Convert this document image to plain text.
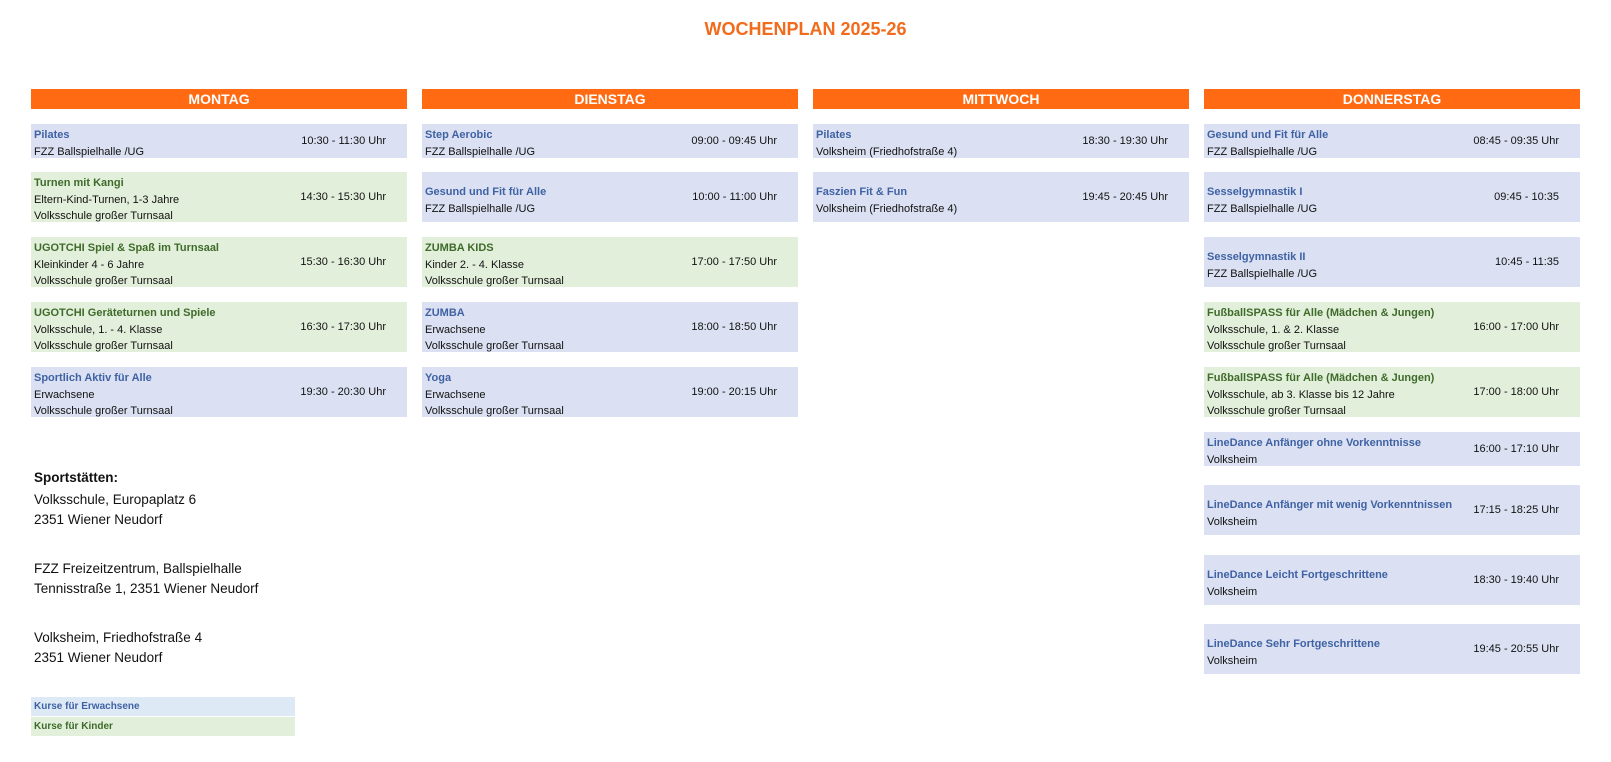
WOCHENPLAN 2025-26
MONTAG
Pilates
FZZ Ballspielhalle /UG
10:30 - 11:30 Uhr
Turnen mit Kangi
Eltern-Kind-Turnen, 1-3 Jahre
Volksschule großer Turnsaal
14:30 - 15:30 Uhr
UGOTCHI Spiel & Spaß im Turnsaal
Kleinkinder 4 - 6 Jahre
Volksschule großer Turnsaal
15:30 - 16:30 Uhr
UGOTCHI Geräteturnen und Spiele
Volksschule, 1. - 4. Klasse
Volksschule großer Turnsaal
16:30 - 17:30 Uhr
Sportlich Aktiv für Alle
Erwachsene
Volksschule großer Turnsaal
19:30 - 20:30 Uhr
DIENSTAG
Step Aerobic
FZZ Ballspielhalle /UG
09:00 - 09:45 Uhr
Gesund und Fit für Alle
FZZ Ballspielhalle /UG
10:00 - 11:00 Uhr
ZUMBA KIDS
Kinder 2. - 4. Klasse
Volksschule großer Turnsaal
17:00 - 17:50 Uhr
ZUMBA
Erwachsene
Volksschule großer Turnsaal
18:00 - 18:50 Uhr
Yoga
Erwachsene
Volksschule großer Turnsaal
19:00 - 20:15 Uhr
MITTWOCH
Pilates
Volksheim (Friedhofstraße 4)
18:30 - 19:30 Uhr
Faszien Fit & Fun
Volksheim (Friedhofstraße 4)
19:45 - 20:45 Uhr
DONNERSTAG
Gesund und Fit für Alle
FZZ Ballspielhalle /UG
08:45 - 09:35 Uhr
Sesselgymnastik I
FZZ Ballspielhalle /UG
09:45 - 10:35
Sesselgymnastik II
FZZ Ballspielhalle /UG
10:45 - 11:35
FußballSPASS für Alle (Mädchen & Jungen)
Volksschule, 1. & 2. Klasse
Volksschule großer Turnsaal
16:00 - 17:00 Uhr
FußballSPASS für Alle (Mädchen & Jungen)
Volksschule, ab 3. Klasse bis 12 Jahre
Volksschule großer Turnsaal
17:00 - 18:00 Uhr
LineDance Anfänger ohne Vorkenntnisse
Volksheim
16:00 - 17:10 Uhr
LineDance Anfänger mit wenig Vorkenntnissen
Volksheim
17:15 - 18:25 Uhr
LineDance Leicht Fortgeschrittene
Volksheim
18:30 - 19:40 Uhr
LineDance Sehr Fortgeschrittene
Volksheim
19:45 - 20:55 Uhr
Sportstätten:
Volksschule, Europaplatz 6
2351 Wiener Neudorf
FZZ Freizeitzentrum, Ballspielhalle
Tennisstraße 1, 2351 Wiener Neudorf
Volksheim, Friedhofstraße 4
2351 Wiener Neudorf
Kurse für Erwachsene
Kurse für Kinder
